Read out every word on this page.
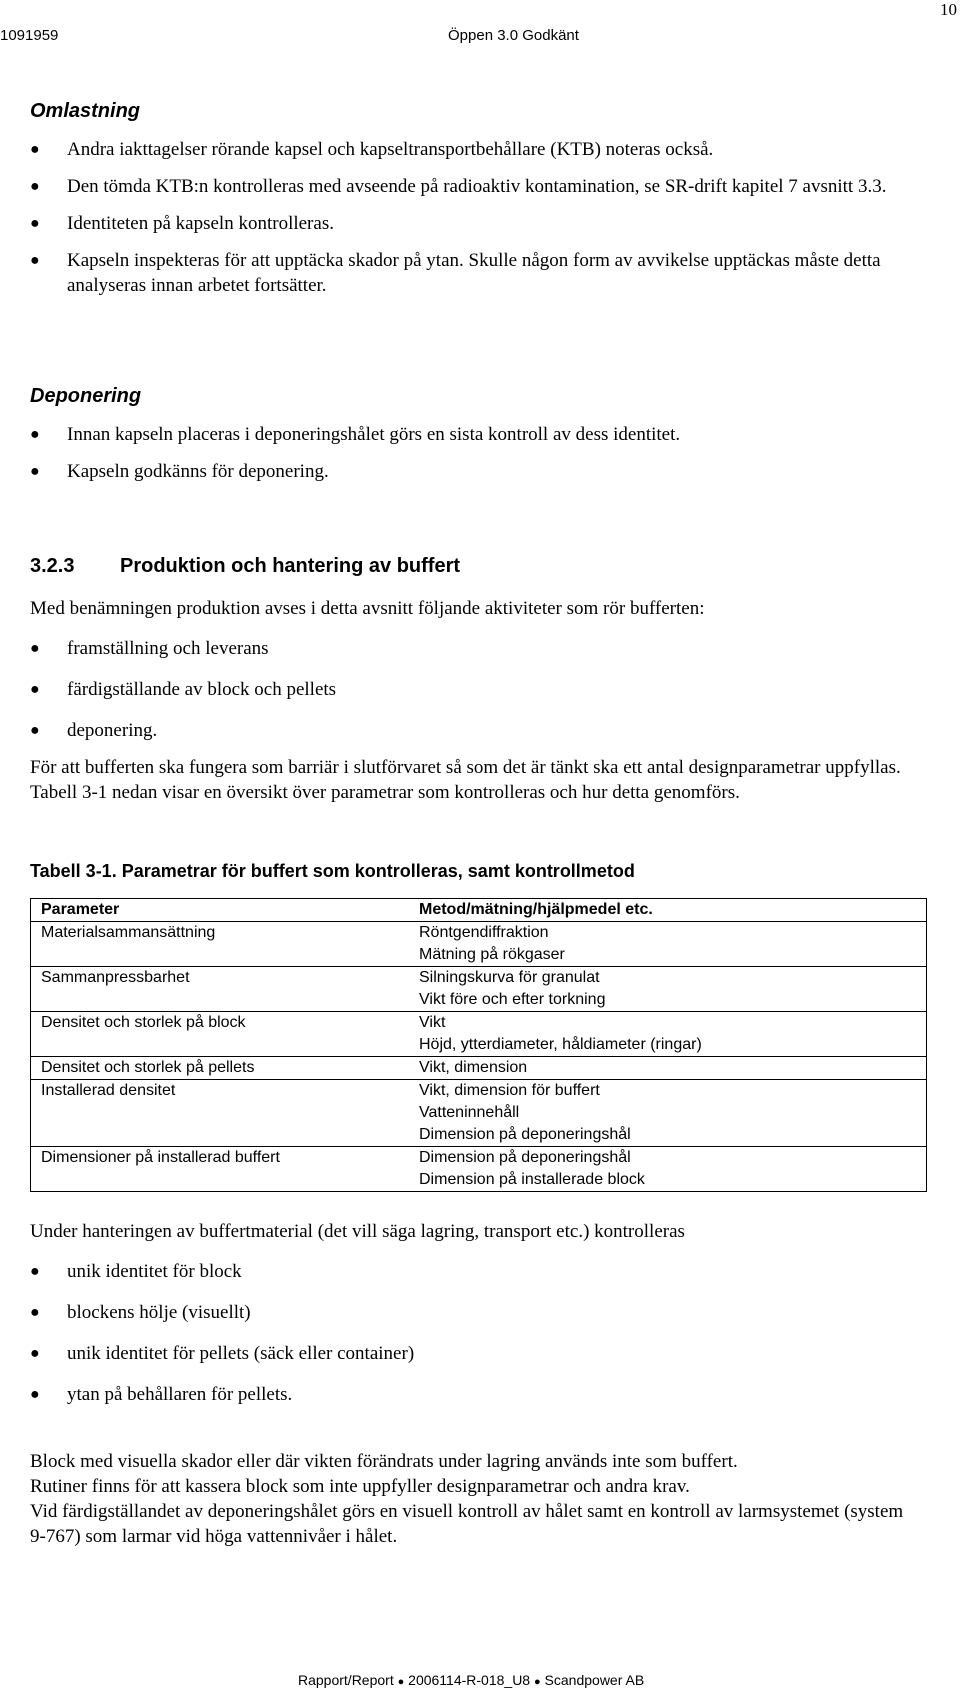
1091959	Öppen 3.0 Godkänt
10
Omlastning
● Andra iakttagelser rörande kapsel och kapseltransportbehållare (KTB) noteras också.
● Den tömda KTB:n kontrolleras med avseende på radioaktiv kontamination, se SR-drift kapitel 7 avsnitt 3.3.
● Identiteten på kapseln kontrolleras.
● Kapseln inspekteras för att upptäcka skador på ytan. Skulle någon form av avvikelse upptäckas måste detta analyseras innan arbetet fortsätter.
Deponering
● Innan kapseln placeras i deponeringshålet görs en sista kontroll av dess identitet.
● Kapseln godkänns för deponering.
3.2.3 Produktion och hantering av buffert
Med benämningen produktion avses i detta avsnitt följande aktiviteter som rör bufferten:
● framställning och leverans
● färdigställande av block och pellets
● deponering.
För att bufferten ska fungera som barriär i slutförvaret så som det är tänkt ska ett antal designparametrar uppfyllas. Tabell 3-1 nedan visar en översikt över parametrar som kontrolleras och hur detta genomförs.
Tabell 3-1. Parametrar för buffert som kontrolleras, samt kontrollmetod
Parameter	Metod/mätning/hjälpmedel etc.
Materialsammansättning	Röntgendiffraktion
Mätning på rökgaser

Sammanpressbarhet	Silningskurva för granulat
Vikt före och efter torkning

Densitet och storlek på block	Vikt
Höjd, ytterdiameter, håldiameter (ringar)

Densitet och storlek på pellets	Vikt, dimension

Installerad densitet	Vikt, dimension för buffert
Vatteninnehåll
Dimension på deponeringshål

Dimensioner på installerad buffert	Dimension på deponeringshål
Dimension på installerade block
Under hanteringen av buffertmaterial (det vill säga lagring, transport etc.) kontrolleras
● unik identitet för block
● blockens hölje (visuellt)
● unik identitet för pellets (säck eller container)
● ytan på behållaren för pellets.
Block med visuella skador eller där vikten förändrats under lagring används inte som buffert.
Rutiner finns för att kassera block som inte uppfyller designparametrar och andra krav.
Vid färdigställandet av deponeringshålet görs en visuell kontroll av hålet samt en kontroll av larmsystemet (system 9-767) som larmar vid höga vattennivåer i hålet.
Rapport/Report ● 2006114-R-018_U8 ● Scandpower AB
